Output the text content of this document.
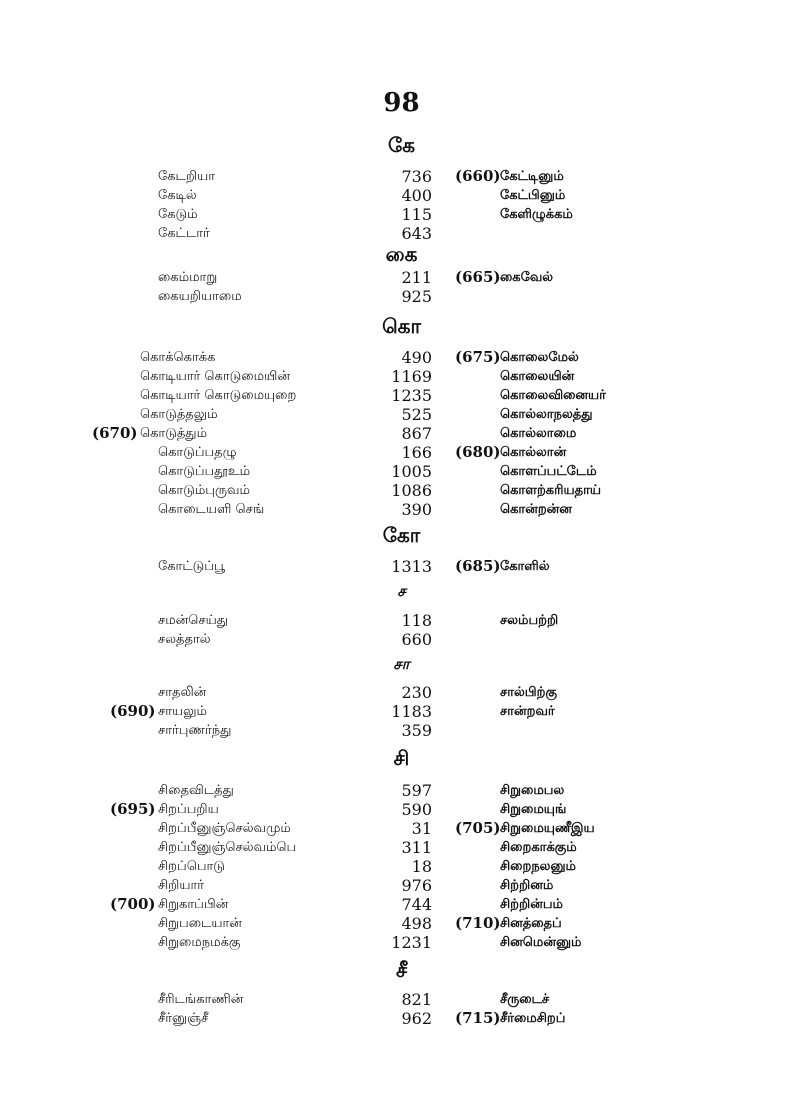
98
கே
கேடறியா	736 (660) கேட்டினும்
கேடில்	400	கேட்பினும்
கேடும்	115	கேளிழுக்கம்
கேட்டார்	643
கை
கைம்மாறு	211 (665) கைவேல்
கையறியாமை	925
கொ
கொக்கொக்க	490 (675) கொலைமேல்
கொடியார் கொடுமையின்	1169	கொலையின்
கொடியார் கொடுமையுறை	1235	கொலைவினையர்
கொடுத்தலும்	525	கொல்லாநலத்து
(670) கொடுத்தும்	867	கொல்லாமை
கொடுப்பதழு	166 (680) கொல்லான்
கொடுப்பதூஉம்	1005	கொளப்பட்டேம்
கொடும்புருவம்	1086	கொளற்கரியதாய்
கொடையளி செங்	390	கொன்றன்ன
கோ
கோட்டுப்பூ	1313 (685) கோளில்
ச
சமன்செய்து	118	சலம்பற்றி
சலத்தால்	660
சா
சாதலின்	230	சால்பிற்கு
(690) சாயலும்	1183	சான்றவர்
சார்புணர்ந்து	359
சி
சிதைவிடத்து	597	சிறுமைபல
(695) சிறப்பறிய	590	சிறுமையுங்
சிறப்பீனுஞ்செல்வமும்	31 (705) சிறுமையுணீஇய
சிறப்பீனுஞ்செல்வம்பெ	311	சிறைகாக்கும்
சிறப்பொடு	18	சிறைநலனும்
சிறியார்	976	சிற்றினம்
(700) சிறுகாப்பின்	744	சிற்றின்பம்
சிறுபடையான்	498 (710) சினத்தைப்
சிறுமைநமக்கு	1231	சினமென்னும்
சீ
சீரிடங்காணின்	821	சீருடைச்
சீர்னுஞ்சீ	962 (715) சீர்மைசிறப்
